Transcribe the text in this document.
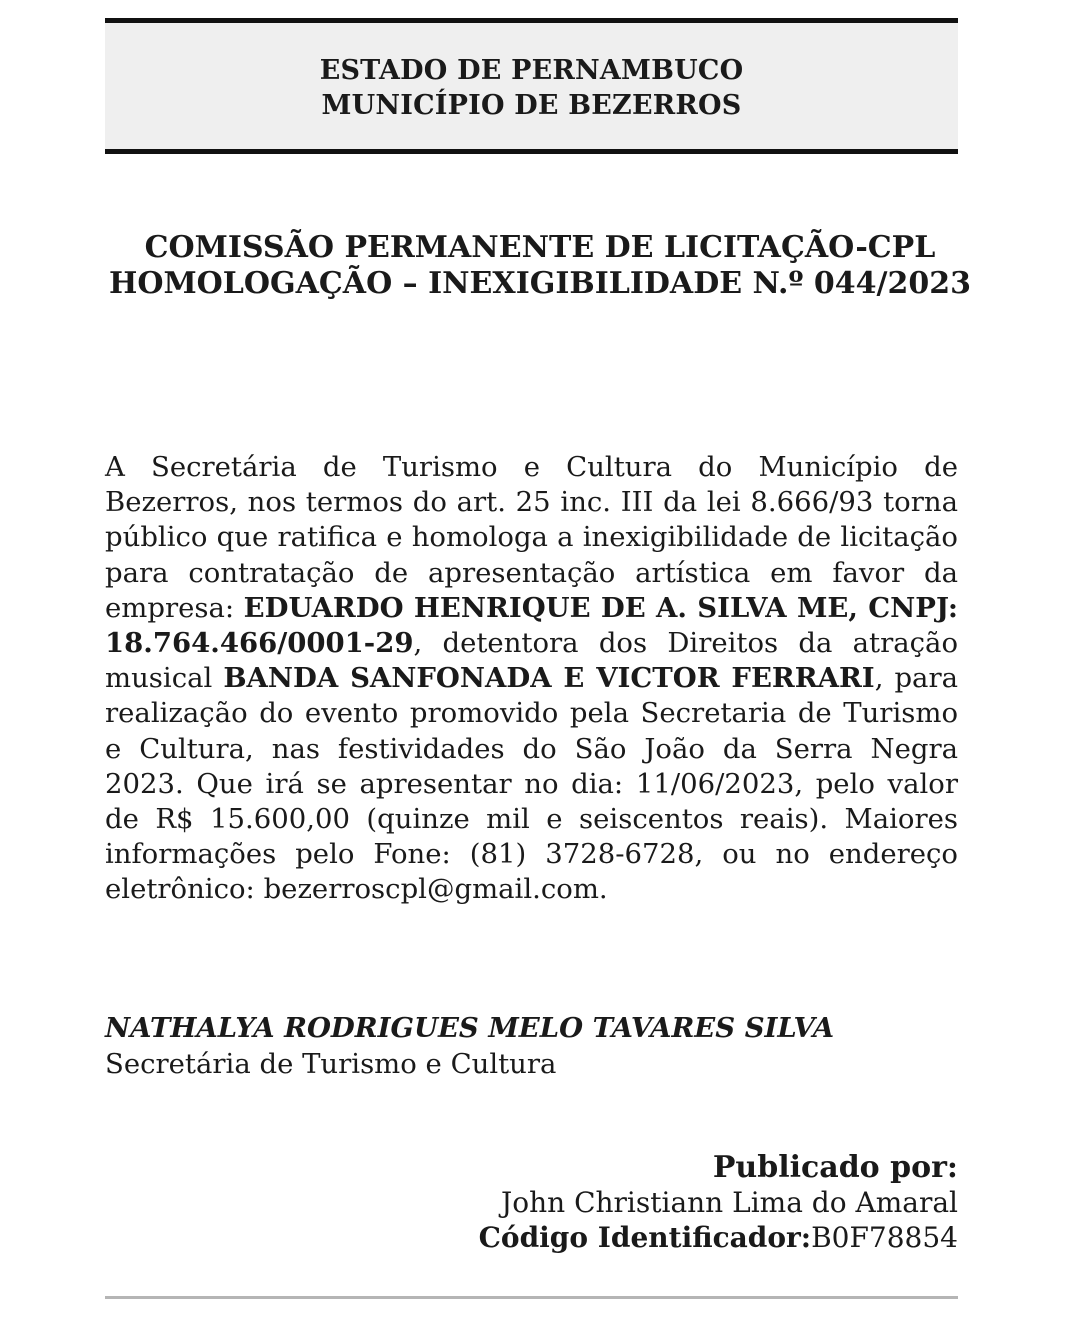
ESTADO DE PERNAMBUCO
MUNICÍPIO DE BEZERROS
COMISSÃO PERMANENTE DE LICITAÇÃO-CPL
HOMOLOGAÇÃO – INEXIGIBILIDADE N.º 044/2023
A Secretária de Turismo e Cultura do Município de Bezerros, nos termos do art. 25 inc. III da lei 8.666/93 torna público que ratifica e homologa a inexigibilidade de licitação para contratação de apresentação artística em favor da empresa: EDUARDO HENRIQUE DE A. SILVA ME, CNPJ: 18.764.466/0001-29, detentora dos Direitos da atração musical BANDA SANFONADA E VICTOR FERRARI, para realização do evento promovido pela Secretaria de Turismo e Cultura, nas festividades do São João da Serra Negra 2023. Que irá se apresentar no dia: 11/06/2023, pelo valor de R$ 15.600,00 (quinze mil e seiscentos reais). Maiores informações pelo Fone: (81) 3728-6728, ou no endereço eletrônico: bezerroscpl@gmail.com.
NATHALYA RODRIGUES MELO TAVARES SILVA
Secretária de Turismo e Cultura
Publicado por:
John Christiann Lima do Amaral
Código Identificador:B0F78854
